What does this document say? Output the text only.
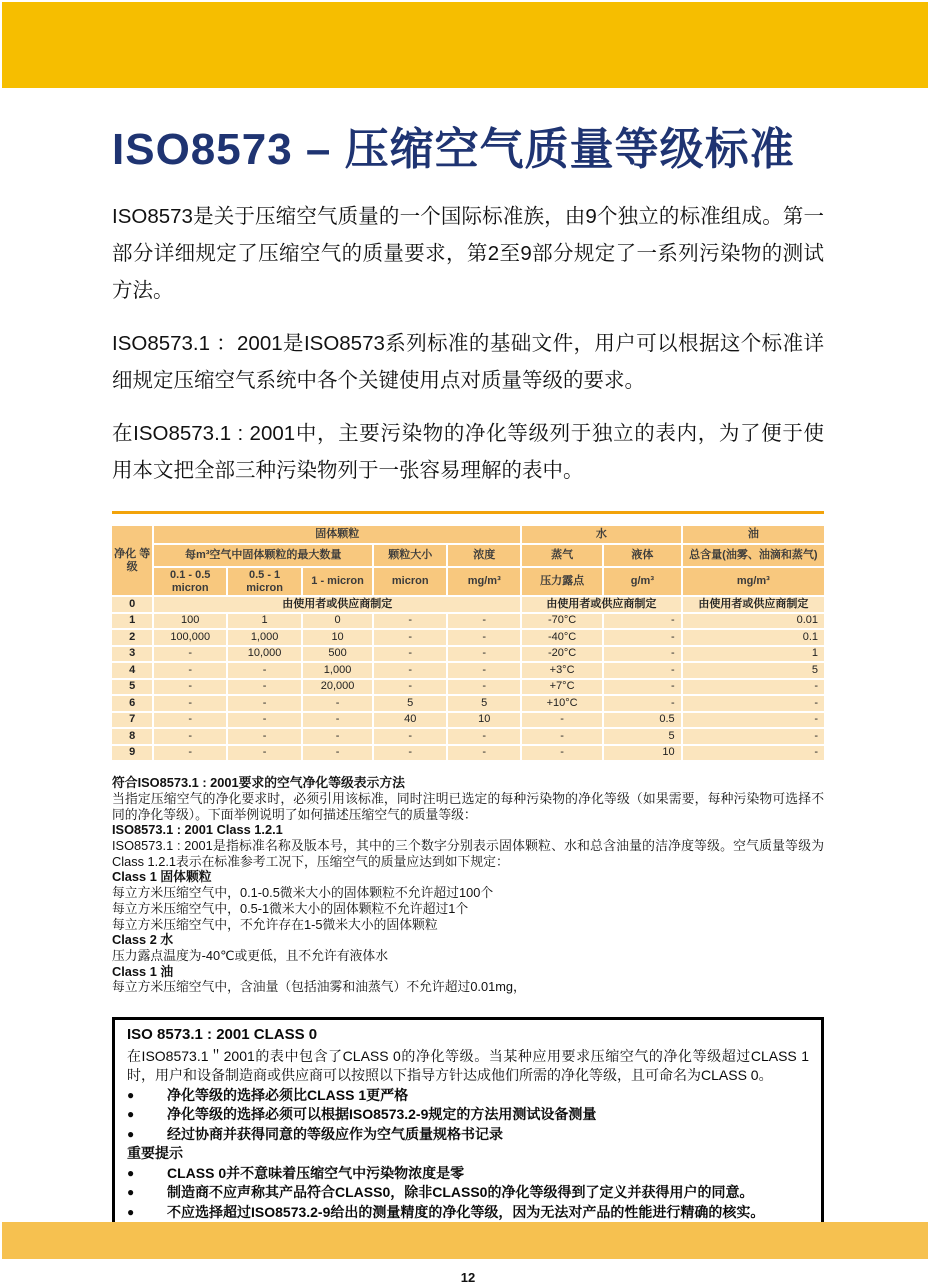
ISO8573 – 压缩空气质量等级标准

ISO8573是关于压缩空气质量的一个国际标准族，由9个独立的标准组成。第一部分详细规定了压缩空气的质量要求，第2至9部分规定了一系列污染物的测试方法。

ISO8573.1 ：2001是ISO8573系列标准的基础文件，用户可以根据这个标准详细规定压缩空气系统中各个关键使用点对质量等级的要求。

在ISO8573.1 : 2001中，主要污染物的净化等级列于独立的表内，为了便于使用本文把全部三种污染物列于一张容易理解的表中。

净化 等级	固体颗粒					水		油
	每m³空气中固体颗粒的最大数量			颗粒大小	浓度	蒸气	液体	总含量(油雾、油滴和蒸气)
	0.1 - 0.5 micron	0.5 - 1 micron	1 - micron	micron	mg/m³	压力露点	g/m³	mg/m³
0	由使用者或供应商制定					由使用者或供应商制定		由使用者或供应商制定
1	100	1	0	-	-	-70°C	-	0.01
2	100,000	1,000	10	-	-	-40°C	-	0.1
3	-	10,000	500	-	-	-20°C	-	1
4	-	-	1,000	-	-	+3°C	-	5
5	-	-	20,000	-	-	+7°C	-	-
6	-	-	-	5	5	+10°C	-	-
7	-	-	-	40	10	-	0.5	-
8	-	-	-	-	-	-	5	-
9	-	-	-	-	-	-	10	-
符合ISO8573.1 : 2001要求的空气净化等级表示方法
当指定压缩空气的净化要求时，必须引用该标准，同时注明已选定的每种污染物的净化等级（如果需要，每种污染物可选择不同的净化等级）。下面举例说明了如何描述压缩空气的质量等级：
ISO8573.1 : 2001 Class 1.2.1
ISO8573.1 : 2001是指标准名称及版本号，其中的三个数字分别表示固体颗粒、水和总含油量的洁净度等级。空气质量等级为Class 1.2.1表示在标准参考工况下，压缩空气的质量应达到如下规定：
Class 1 固体颗粒
每立方米压缩空气中，0.1-0.5微米大小的固体颗粒不允许超过100个
每立方米压缩空气中，0.5-1微米大小的固体颗粒不允许超过1个
每立方米压缩空气中，不允许存在1-5微米大小的固体颗粒
Class 2 水
压力露点温度为-40℃或更低，且不允许有液体水
Class 1 油
每立方米压缩空气中，含油量（包括油雾和油蒸气）不允许超过0.01mg，
ISO 8573.1 : 2001 CLASS 0
在ISO8573.1＂2001的表中包含了CLASS 0的净化等级。当某种应用要求压缩空气的净化等级超过CLASS 1时，用户和设备制造商或供应商可以按照以下指导方针达成他们所需的净化等级，且可命名为CLASS 0。
●	净化等级的选择必须比CLASS 1更严格
●	净化等级的选择必须可以根据ISO8573.2-9规定的方法用测试设备测量
●	经过协商并获得同意的等级应作为空气质量规格书记录
重要提示
●	CLASS 0并不意味着压缩空气中污染物浓度是零
●	制造商不应声称其产品符合CLASS0，除非CLASS0的净化等级得到了定义并获得用户的同意。
●	不应选择超过ISO8573.2-9给出的测量精度的净化等级，因为无法对产品的性能进行精确的核实。
12
